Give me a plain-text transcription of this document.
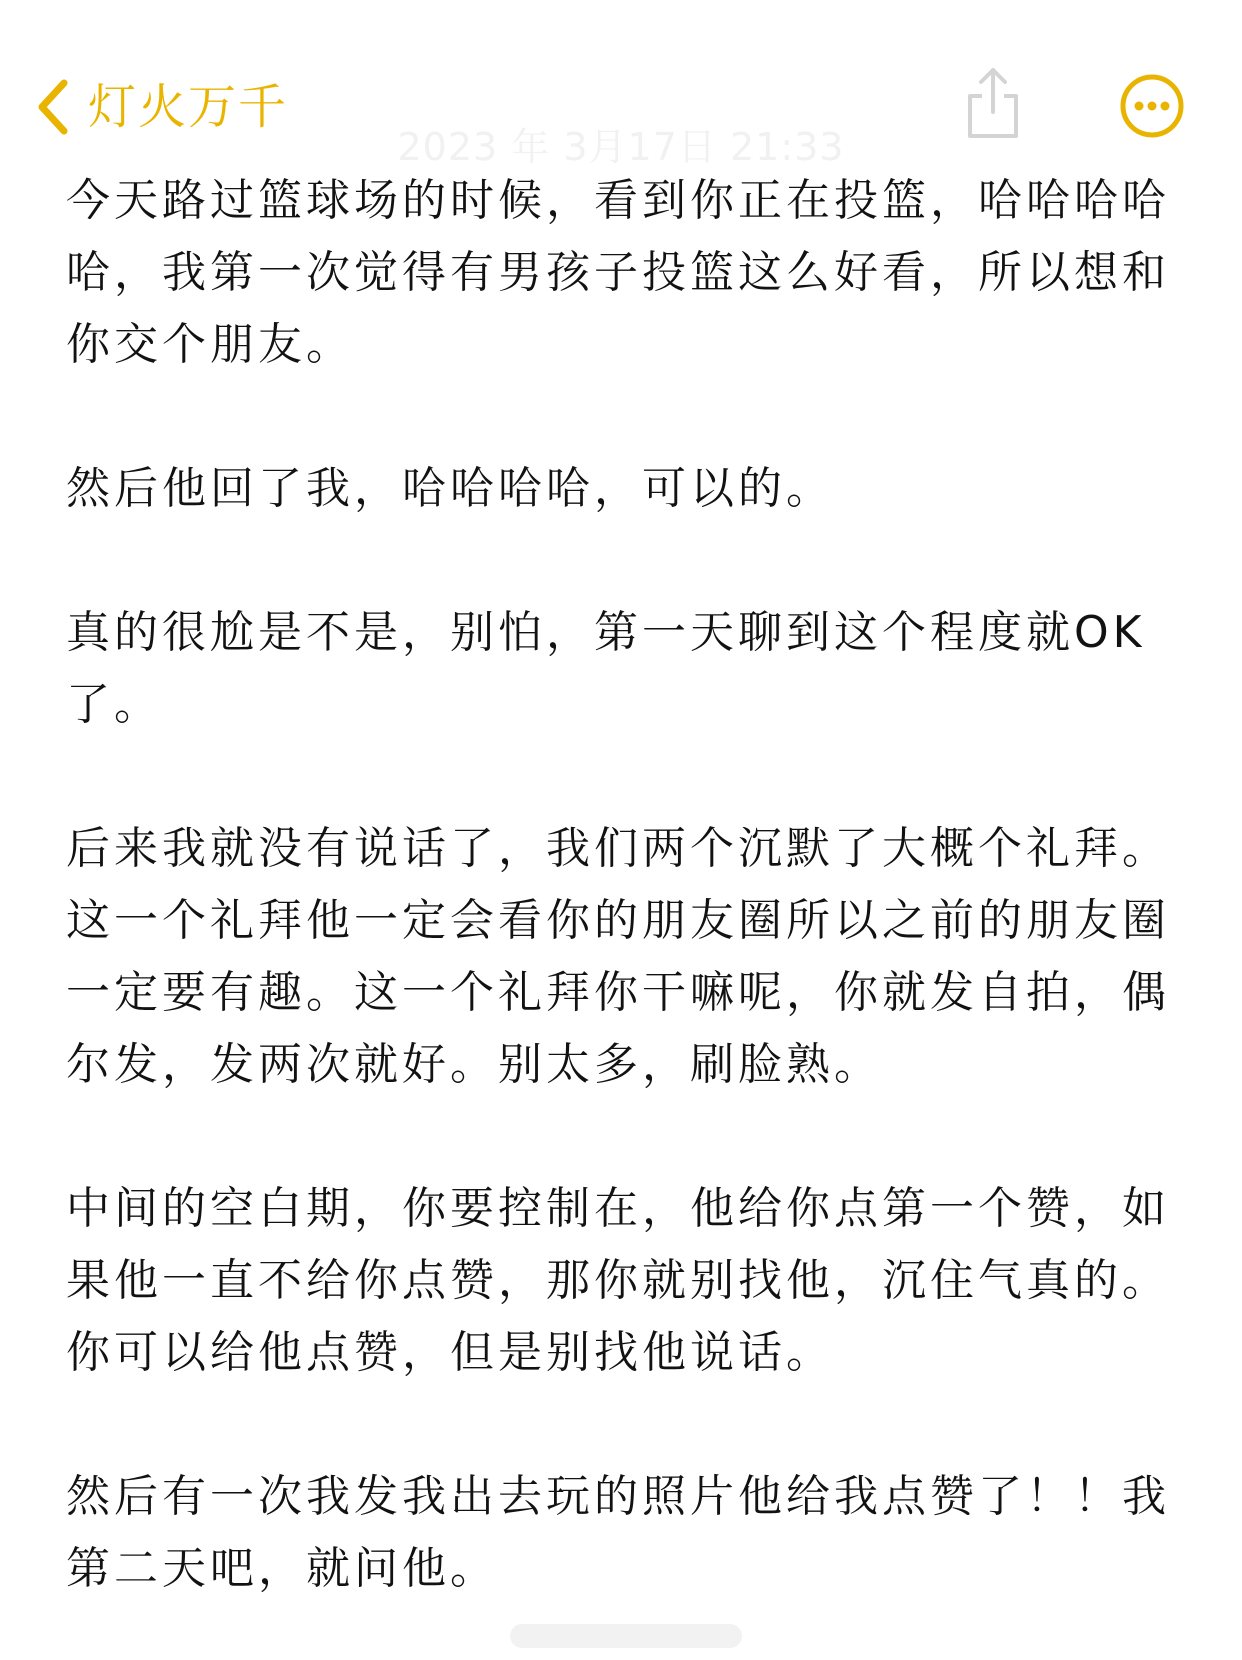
灯火万千
2023 年 3月17日 21:33

今天路过篮球场的时候，看到你正在投篮，哈哈哈哈哈，我第一次觉得有男孩子投篮这么好看，所以想和你交个朋友。

然后他回了我，哈哈哈哈，可以的。

真的很尬是不是，别怕，第一天聊到这个程度就OK了。

后来我就没有说话了，我们两个沉默了大概个礼拜。这一个礼拜他一定会看你的朋友圈所以之前的朋友圈一定要有趣。这一个礼拜你干嘛呢，你就发自拍，偶尔发，发两次就好。别太多，刷脸熟。

中间的空白期，你要控制在，他给你点第一个赞，如果他一直不给你点赞，那你就别找他，沉住气真的。你可以给他点赞，但是别找他说话。

然后有一次我发我出去玩的照片他给我点赞了！！我第二天吧，就问他。
